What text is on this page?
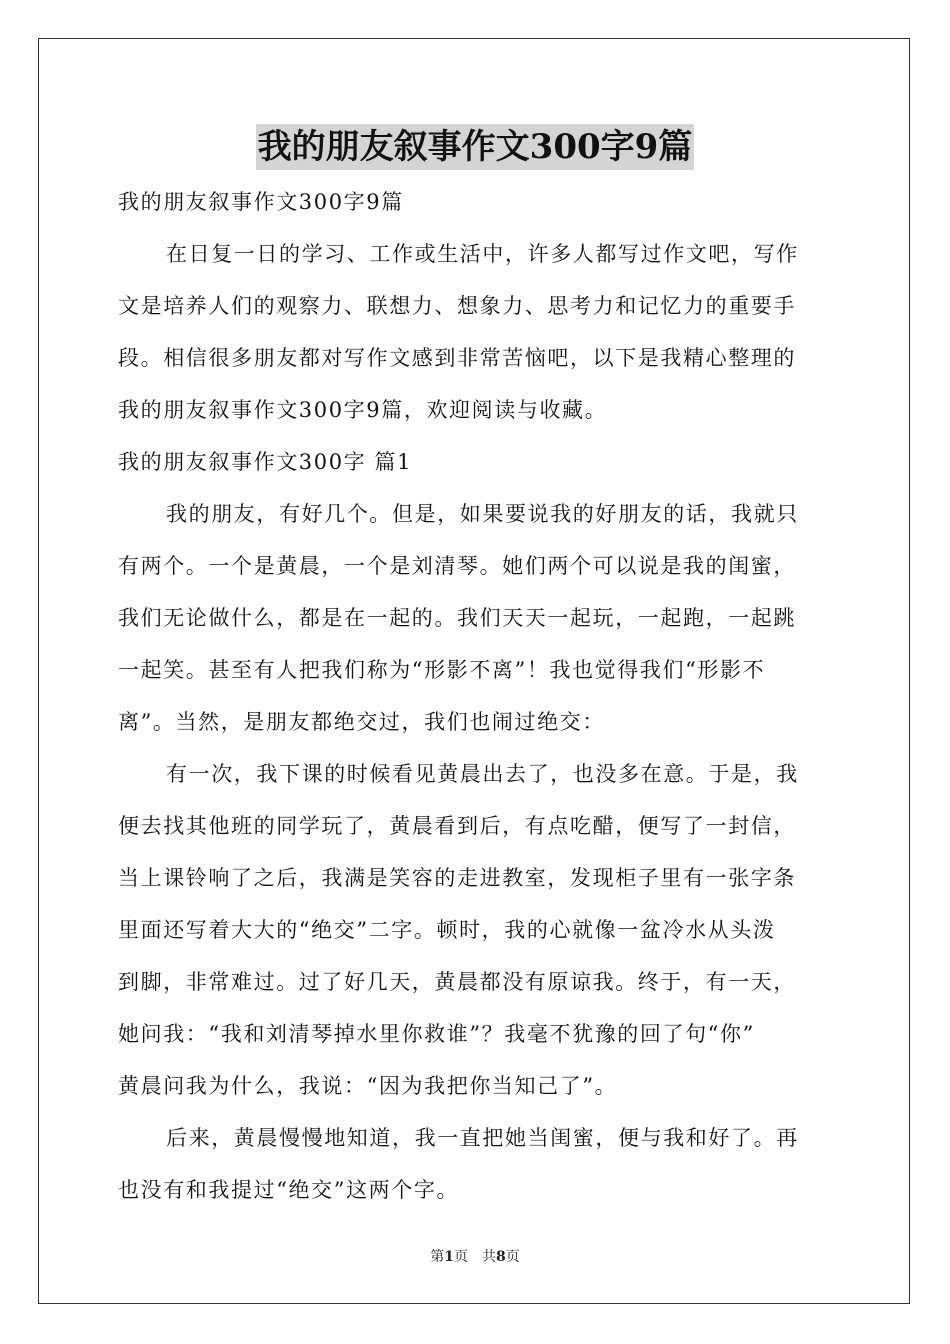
我的朋友叙事作文300字9篇
我的朋友叙事作文300字9篇
在日复一日的学习、工作或生活中，许多人都写过作文吧，写作
文是培养人们的观察力、联想力、想象力、思考力和记忆力的重要手
段。相信很多朋友都对写作文感到非常苦恼吧，以下是我精心整理的
我的朋友叙事作文300字9篇，欢迎阅读与收藏。
我的朋友叙事作文300字 篇1
我的朋友，有好几个。但是，如果要说我的好朋友的话，我就只
有两个。一个是黄晨，一个是刘清琴。她们两个可以说是我的闺蜜，
我们无论做什么，都是在一起的。我们天天一起玩，一起跑，一起跳
一起笑。甚至有人把我们称为“形影不离”！我也觉得我们“形影不
离”。当然，是朋友都绝交过，我们也闹过绝交：
有一次，我下课的时候看见黄晨出去了，也没多在意。于是，我
便去找其他班的同学玩了，黄晨看到后，有点吃醋，便写了一封信，
当上课铃响了之后，我满是笑容的走进教室，发现柜子里有一张字条
里面还写着大大的“绝交”二字。顿时，我的心就像一盆冷水从头泼
到脚，非常难过。过了好几天，黄晨都没有原谅我。终于，有一天，
她问我：“我和刘清琴掉水里你救谁”？我毫不犹豫的回了句“你”
黄晨问我为什么，我说：“因为我把你当知己了”。
后来，黄晨慢慢地知道，我一直把她当闺蜜，便与我和好了。再
也没有和我提过“绝交”这两个字。
第1页　共8页
